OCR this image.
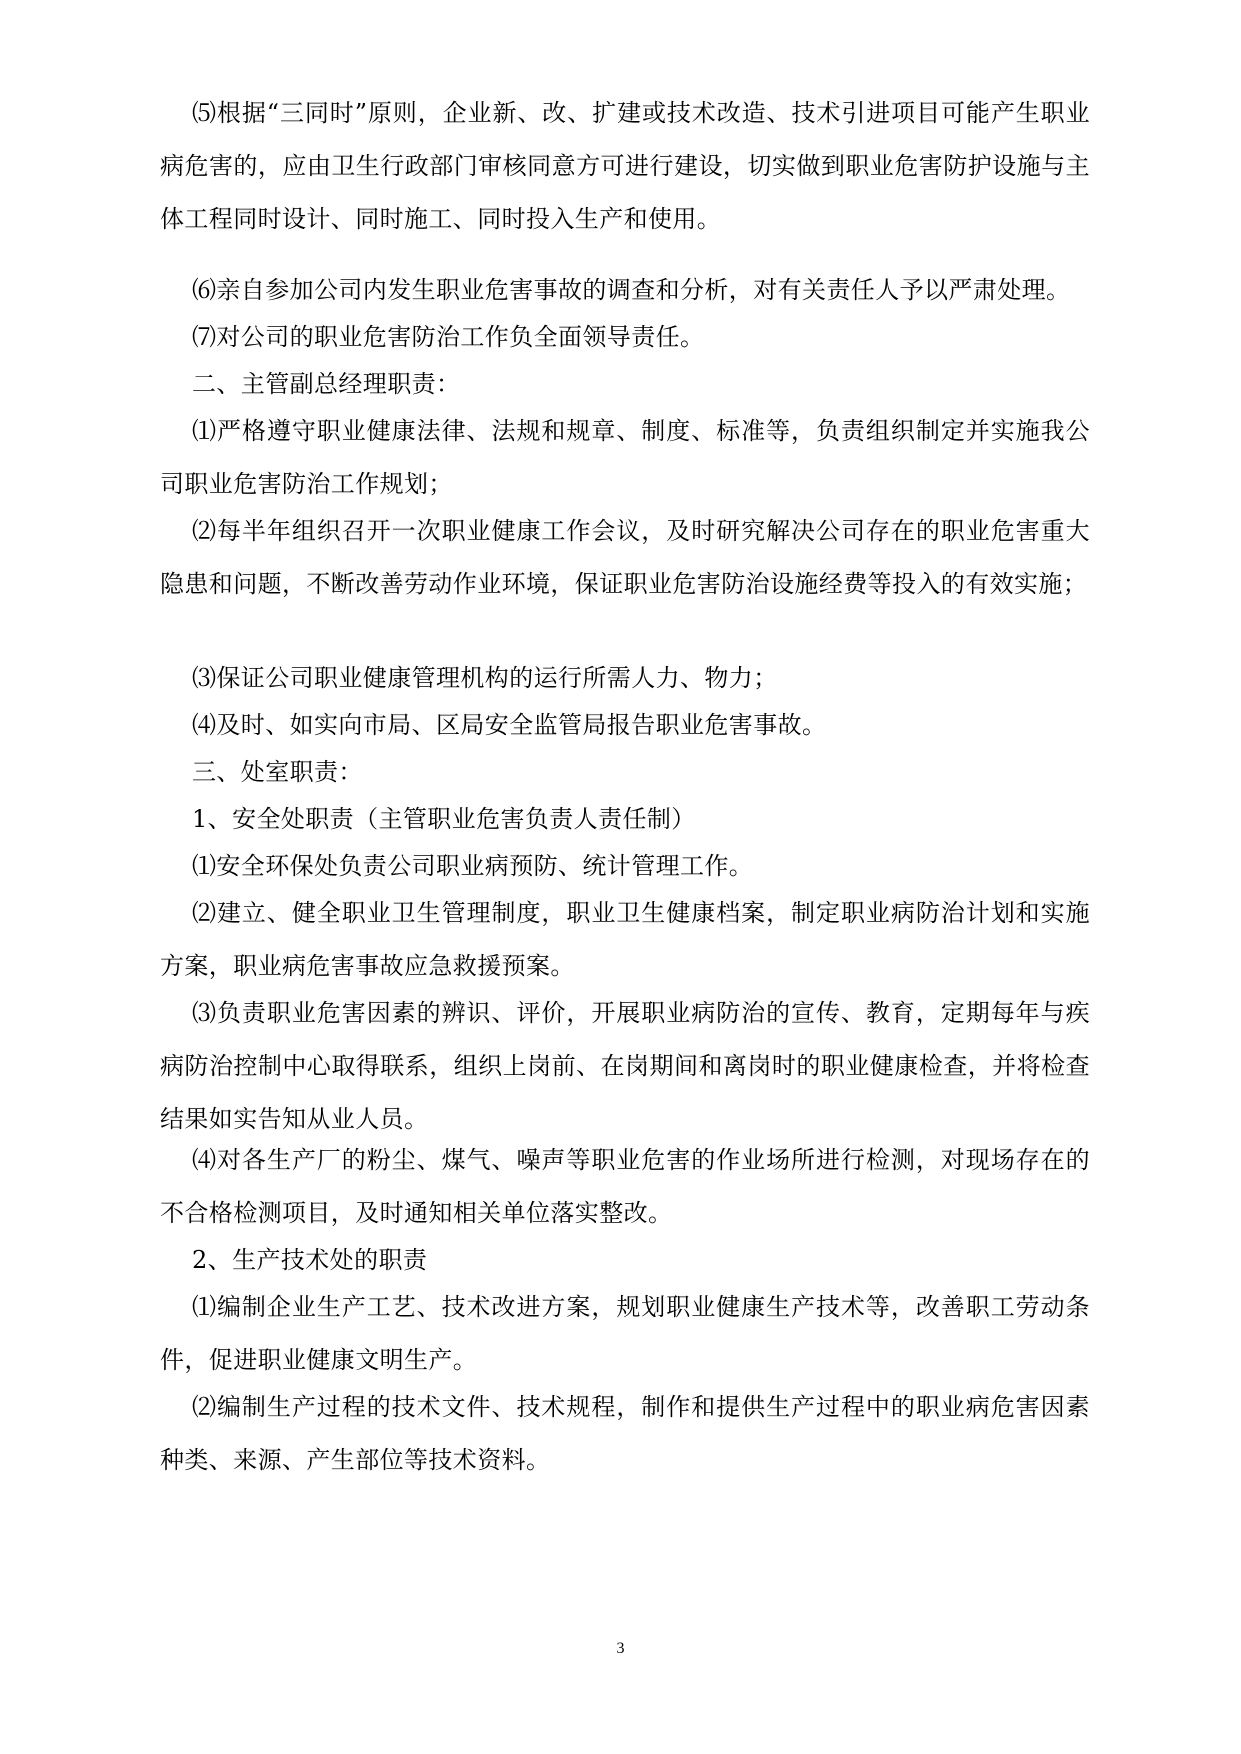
⑸根据“三同时”原则，企业新、改、扩建或技术改造、技术引进项目可能产生职业病危害的，应由卫生行政部门审核同意方可进行建设，切实做到职业危害防护设施与主体工程同时设计、同时施工、同时投入生产和使用。

⑹亲自参加公司内发生职业危害事故的调查和分析，对有关责任人予以严肃处理。

⑺对公司的职业危害防治工作负全面领导责任。

二、主管副总经理职责：

⑴严格遵守职业健康法律、法规和规章、制度、标准等，负责组织制定并实施我公司职业危害防治工作规划；

⑵每半年组织召开一次职业健康工作会议，及时研究解决公司存在的职业危害重大隐患和问题，不断改善劳动作业环境，保证职业危害防治设施经费等投入的有效实施；

⑶保证公司职业健康管理机构的运行所需人力、物力；

⑷及时、如实向市局、区局安全监管局报告职业危害事故。

三、处室职责：

1、安全处职责（主管职业危害负责人责任制）

⑴安全环保处负责公司职业病预防、统计管理工作。

⑵建立、健全职业卫生管理制度，职业卫生健康档案，制定职业病防治计划和实施方案，职业病危害事故应急救援预案。

⑶负责职业危害因素的辨识、评价，开展职业病防治的宣传、教育，定期每年与疾病防治控制中心取得联系，组织上岗前、在岗期间和离岗时的职业健康检查，并将检查结果如实告知从业人员。

⑷对各生产厂的粉尘、煤气、噪声等职业危害的作业场所进行检测，对现场存在的不合格检测项目，及时通知相关单位落实整改。

2、生产技术处的职责

⑴编制企业生产工艺、技术改进方案，规划职业健康生产技术等，改善职工劳动条件，促进职业健康文明生产。

⑵编制生产过程的技术文件、技术规程，制作和提供生产过程中的职业病危害因素种类、来源、产生部位等技术资料。

3
